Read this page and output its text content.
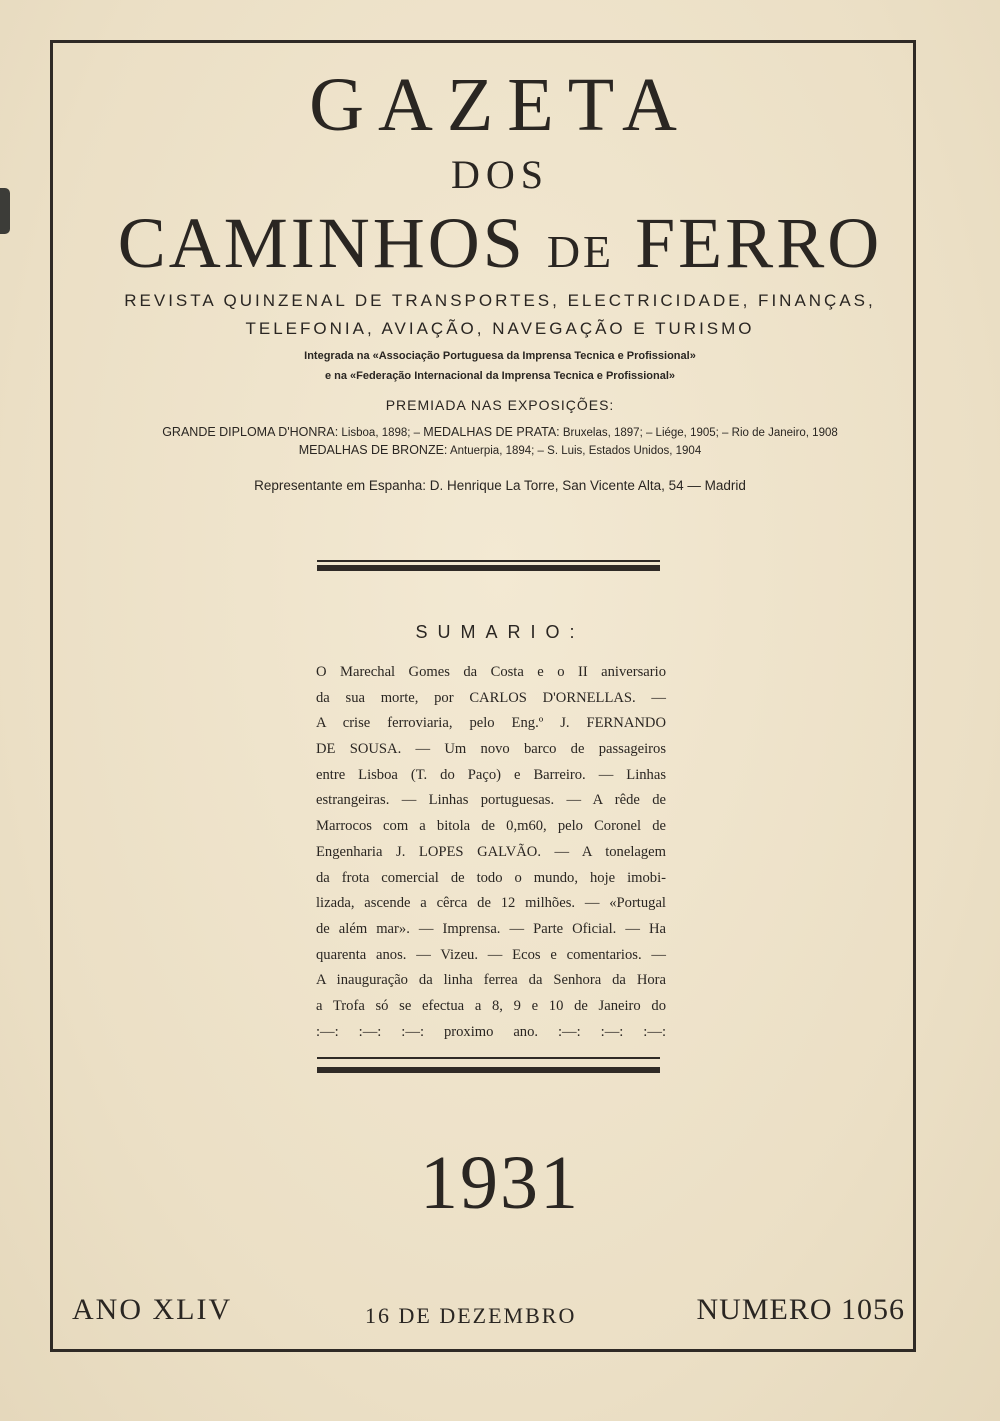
GAZETA
DOS
CAMINHOS DE FERRO
REVISTA QUINZENAL DE TRANSPORTES, ELECTRICIDADE, FINANÇAS,
TELEFONIA, AVIAÇÃO, NAVEGAÇÃO E TURISMO
Integrada na «Associação Portuguesa da Imprensa Tecnica e Profissional»
e na «Federação Internacional da Imprensa Tecnica e Profissional»
PREMIADA NAS EXPOSIÇÕES:
GRANDE DIPLOMA D'HONRA: Lisboa, 1898; – MEDALHAS DE PRATA: Bruxelas, 1897; – Liége, 1905; – Rio de Janeiro, 1908
MEDALHAS DE BRONZE: Antuerpia, 1894; – S. Luis, Estados Unidos, 1904
Representante em Espanha: D. Henrique La Torre, San Vicente Alta, 54 — Madrid
SUMARIO:
O Marechal Gomes da Costa e o II aniversario
da sua morte, por CARLOS D'ORNELLAS. —
A crise ferroviaria, pelo Eng.º J. FERNANDO
DE SOUSA. — Um novo barco de passageiros
entre Lisboa (T. do Paço) e Barreiro. — Linhas
estrangeiras. — Linhas portuguesas. — A rêde de
Marrocos com a bitola de 0,m60, pelo Coronel de
Engenharia J. LOPES GALVÃO. — A tonelagem
da frota comercial de todo o mundo, hoje imobi-
lizada, ascende a cêrca de 12 milhões. — «Portugal
de além mar». — Imprensa. — Parte Oficial. — Ha
quarenta anos. — Vizeu. — Ecos e comentarios. —
A inauguração da linha ferrea da Senhora da Hora
a Trofa só se efectua a 8, 9 e 10 de Janeiro do
:—: :—: :—: proximo ano. :—: :—: :—:
1931
ANO XLIV	16 DE DEZEMBRO	NUMERO 1056
